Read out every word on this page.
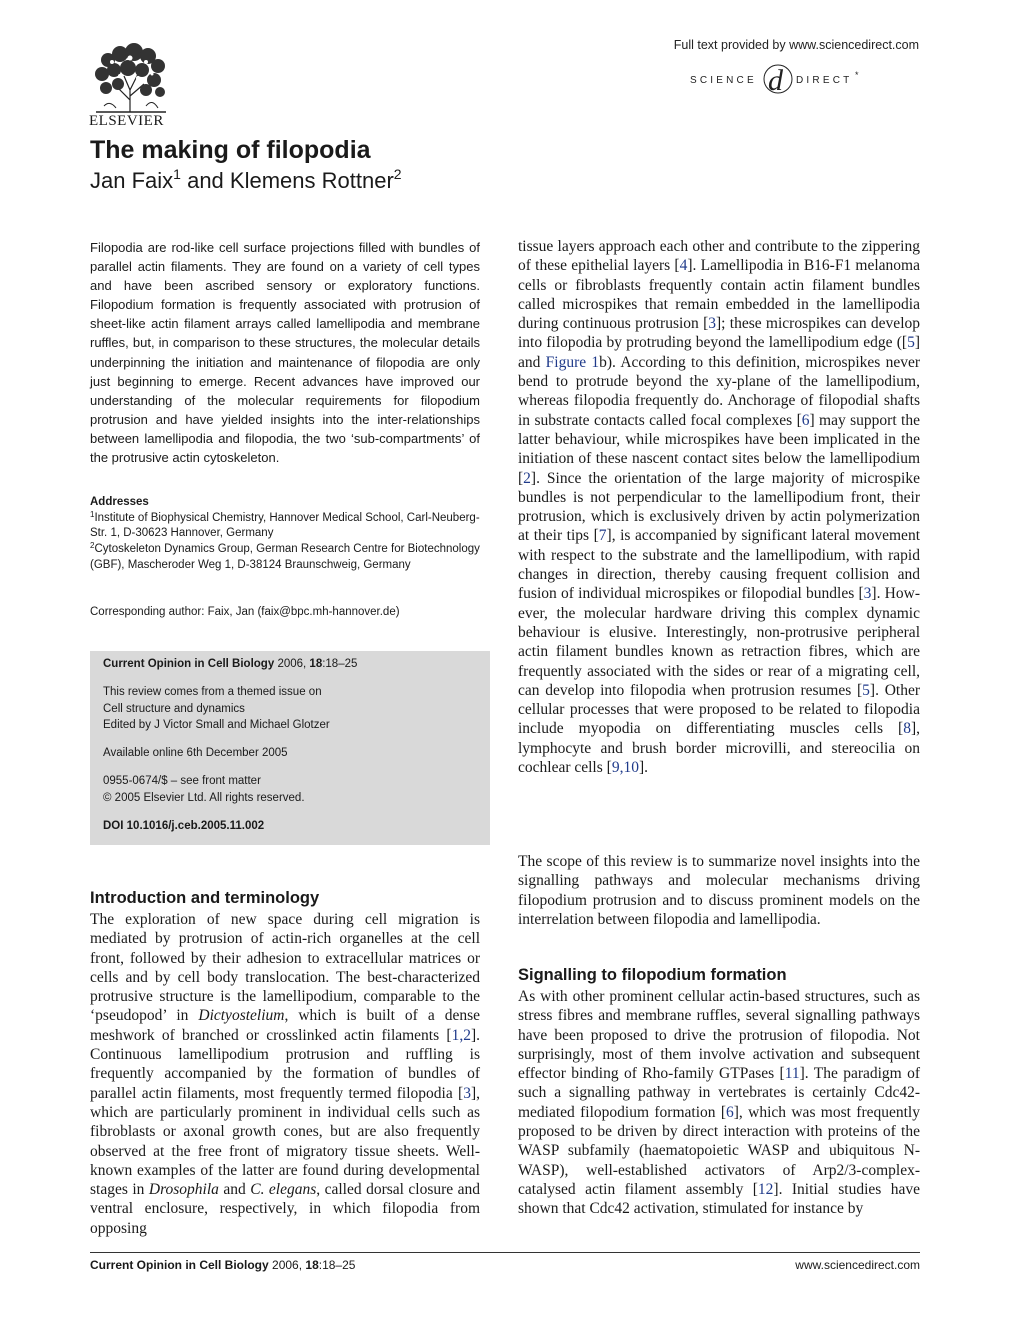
ELSEVIER
Full text provided by www.sciencedirect.com
SCIENCE d DIRECT *
The making of filopodia
Jan Faix$^1$ and Klemens Rottner$^2$

Filopodia are rod-like cell surface projections filled with bundles of parallel actin filaments. They are found on a variety of cell types and have been ascribed sensory or exploratory functions. Filopodium formation is frequently associated with protrusion of sheet-like actin filament arrays called lamellipodia and membrane ruffles, but, in comparison to these structures, the molecular details underpinning the initiation and maintenance of filopodia are only just beginning to emerge. Recent advances have improved our understanding of the molecular requirements for filopodium protrusion and have yielded insights into the inter-relationships between lamellipodia and filopodia, the two ‘sub-compartments’ of the protrusive actin cytoskeleton.

Addresses
$^1$Institute of Biophysical Chemistry, Hannover Medical School, Carl-Neuberg-Str. 1, D-30623 Hannover, Germany
$^2$Cytoskeleton Dynamics Group, German Research Centre for Biotechnology (GBF), Mascheroder Weg 1, D-38124 Braunschweig, Germany
Corresponding author: Faix, Jan (faix@bpc.mh-hannover.de)

Current Opinion in Cell Biology 2006, 18:18–25

This review comes from a themed issue on

Cell structure and dynamics

Edited by J Victor Small and Michael Glotzer

Available online 6th December 2005

0955-0674/$ – see front matter

© 2005 Elsevier Ltd. All rights reserved.

DOI 10.1016/j.ceb.2005.11.002

Introduction and terminology
Signalling to filopodium formation

The exploration of new space during cell migration is mediated by protrusion of actin-rich organelles at the cell front, followed by their adhesion to extracellular matrices or cells and by cell body translocation. The best-characterized protrusive structure is the lamellipodium, comparable to the ‘pseudopod’ in Dictyostelium, which is built of a dense meshwork of branched or crosslinked actin filaments [1,2]. Continuous lamellipodium protrusion and ruffling is frequently accompanied by the formation of bundles of parallel actin filaments, most frequently termed filopodia [3], which are particularly prominent in individual cells such as fibroblasts or axonal growth cones, but are also frequently observed at the free front of migratory tissue sheets. Well-known examples of the latter are found during developmental stages in Drosophila and C. elegans, called dorsal closure and ventral enclosure, respectively, in which filopodia from opposing

tissue layers approach each other and contribute to the zippering of these epithelial layers [4]. Lamellipodia in B16-F1 melanoma cells or fibroblasts frequently contain actin filament bundles called microspikes that remain embedded in the lamellipodia during continuous protrusion [3]; these microspikes can develop into filopodia by protruding beyond the lamellipodium edge ([5] and Figure 1b). According to this definition, microspikes never bend to protrude beyond the xy-plane of the lamellipodium, whereas filopodia frequently do. Anchorage of filopodial shafts in substrate contacts called focal complexes [6] may support the latter behaviour, while microspikes have been implicated in the initiation of these nascent contact sites below the lamellipodium [2]. Since the orientation of the large majority of microspike bundles is not perpendicular to the lamellipodium front, their protrusion, which is exclusively driven by actin polymerization at their tips [7], is accompanied by significant lateral movement with respect to the substrate and the lamellipodium, with rapid changes in direction, thereby causing frequent collision and fusion of individual microspikes or filopodial bundles [3]. However, the molecular hardware driving this complex dynamic behaviour is elusive. Interestingly, non-protrusive peripheral actin filament bundles known as retraction fibres, which are frequently associated with the sides or rear of a migrating cell, can develop into filopodia when protrusion resumes [5]. Other cellular processes that were proposed to be related to filopodia include myopodia on differentiating muscles cells [8], lymphocyte and brush border microvilli, and stereocilia on cochlear cells [9,10].

The scope of this review is to summarize novel insights into the signalling pathways and molecular mechanisms driving filopodium protrusion and to discuss prominent models on the interrelation between filopodia and lamellipodia.

As with other prominent cellular actin-based structures, such as stress fibres and membrane ruffles, several signalling pathways have been proposed to drive the protrusion of filopodia. Not surprisingly, most of them involve activation and subsequent effector binding of Rho-family GTPases [11]. The paradigm of such a signalling pathway in vertebrates is certainly Cdc42-mediated filopodium formation [6], which was most frequently proposed to be driven by direct interaction with proteins of the WASP subfamily (haematopoietic WASP and ubiquitous N-WASP), well-established activators of Arp2/3-complex-catalysed actin filament assembly [12]. Initial studies have shown that Cdc42 activation, stimulated for instance by

Current Opinion in Cell Biology 2006, 18:18–25	www.sciencedirect.com
